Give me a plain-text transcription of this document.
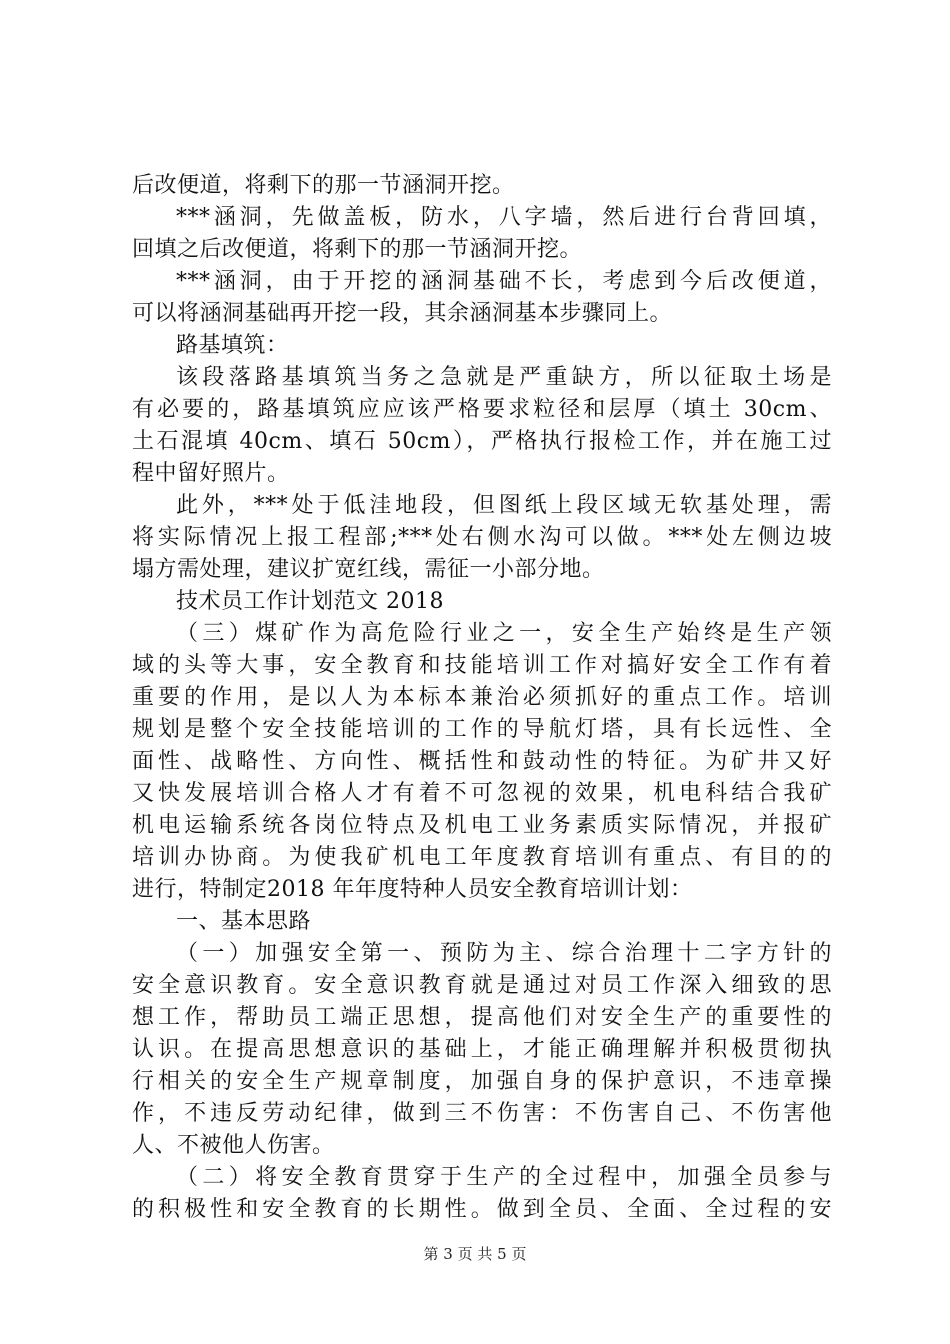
后改便道，将剩下的那一节涵洞开挖。
***涵洞，先做盖板，防水，八字墙，然后进行台背回填，
回填之后改便道，将剩下的那一节涵洞开挖。
***涵洞，由于开挖的涵洞基础不长，考虑到今后改便道，
可以将涵洞基础再开挖一段，其余涵洞基本步骤同上。
路基填筑：
该段落路基填筑当务之急就是严重缺方，所以征取土场是
有必要的，路基填筑应应该严格要求粒径和层厚（填土 30cm、
土石混填 40cm、填石 50cm），严格执行报检工作，并在施工过
程中留好照片。
此外，***处于低洼地段，但图纸上段区域无软基处理，需
将实际情况上报工程部;***处右侧水沟可以做。***处左侧边坡
塌方需处理，建议扩宽红线，需征一小部分地。
技术员工作计划范文 2018
（三）煤矿作为高危险行业之一，安全生产始终是生产领
域的头等大事，安全教育和技能培训工作对搞好安全工作有着
重要的作用，是以人为本标本兼治必须抓好的重点工作。培训
规划是整个安全技能培训的工作的导航灯塔，具有长远性、全
面性、战略性、方向性、概括性和鼓动性的特征。为矿井又好
又快发展培训合格人才有着不可忽视的效果，机电科结合我矿
机电运输系统各岗位特点及机电工业务素质实际情况，并报矿
培训办协商。为使我矿机电工年度教育培训有重点、有目的的
进行，特制定2018 年年度特种人员安全教育培训计划：
一、基本思路
（一）加强安全第一、预防为主、综合治理十二字方针的
安全意识教育。安全意识教育就是通过对员工作深入细致的思
想工作，帮助员工端正思想，提高他们对安全生产的重要性的
认识。在提高思想意识的基础上，才能正确理解并积极贯彻执
行相关的安全生产规章制度，加强自身的保护意识，不违章操
作，不违反劳动纪律，做到三不伤害：不伤害自己、不伤害他
人、不被他人伤害。
（二）将安全教育贯穿于生产的全过程中，加强全员参与
的积极性和安全教育的长期性。做到全员、全面、全过程的安
第 3 页 共 5 页
